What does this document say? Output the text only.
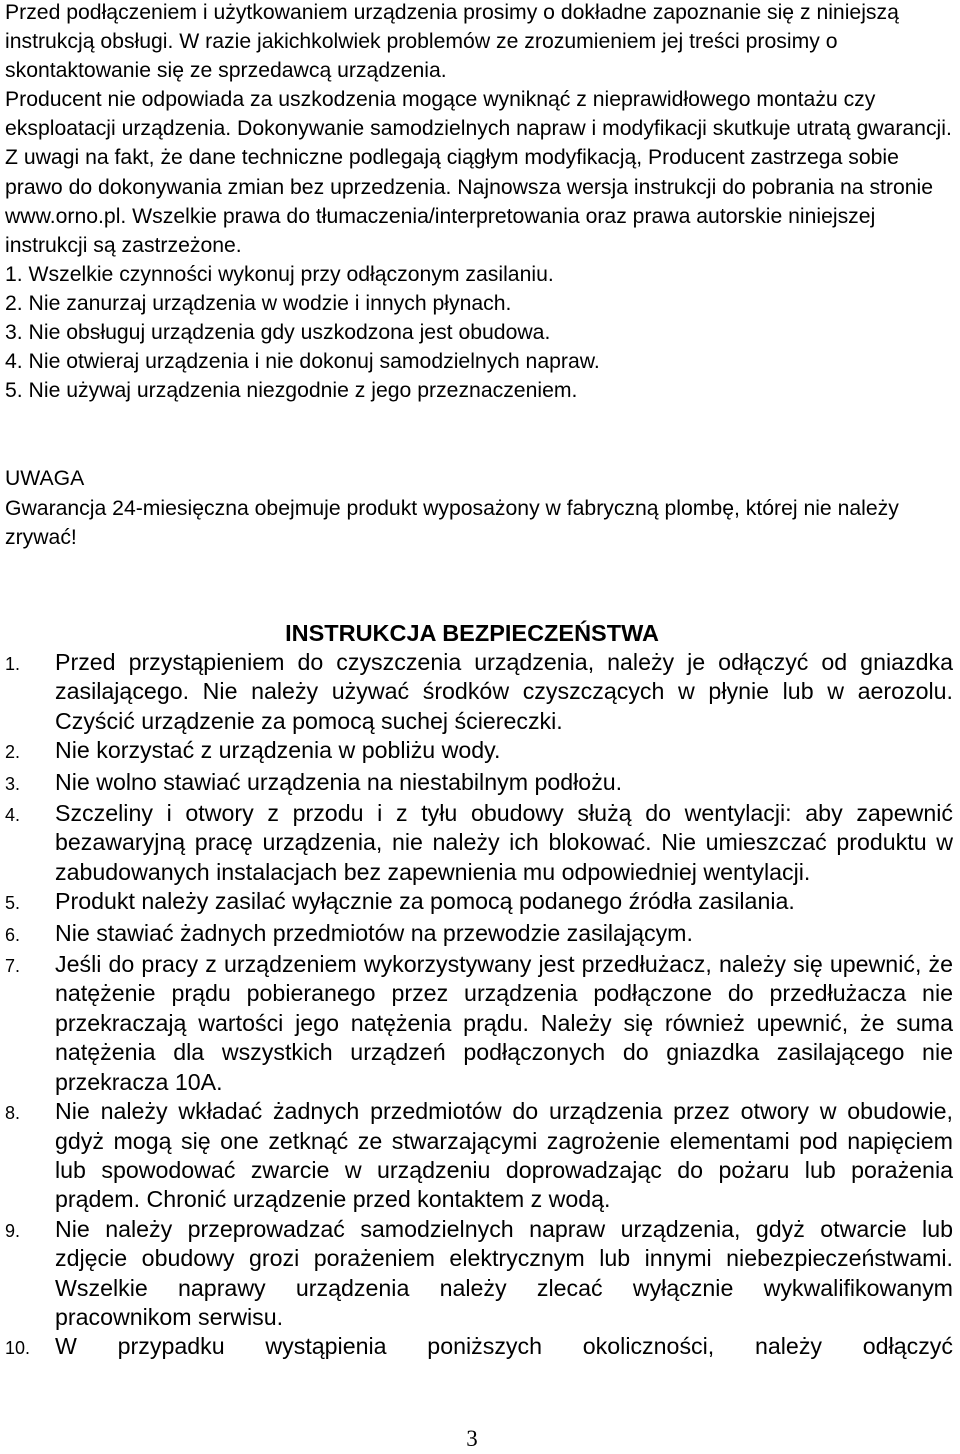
Przed podłączeniem i użytkowaniem urządzenia prosimy o dokładne zapoznanie się z niniejszą instrukcją obsługi. W razie jakichkolwiek problemów ze zrozumieniem jej treści prosimy o skontaktowanie się ze sprzedawcą urządzenia.

Producent nie odpowiada za uszkodzenia mogące wyniknąć z nieprawidłowego montażu czy eksploatacji urządzenia. Dokonywanie samodzielnych napraw i modyfikacji skutkuje utratą gwarancji.

Z uwagi na fakt, że dane techniczne podlegają ciągłym modyfikacją, Producent zastrzega sobie prawo do dokonywania zmian bez uprzedzenia. Najnowsza wersja instrukcji do pobrania na stronie www.orno.pl. Wszelkie prawa do tłumaczenia/interpretowania oraz prawa autorskie niniejszej instrukcji są zastrzeżone.

1. Wszelkie czynności wykonuj przy odłączonym zasilaniu.

2. Nie zanurzaj urządzenia w wodzie i innych płynach.

3. Nie obsługuj urządzenia gdy uszkodzona jest obudowa.

4. Nie otwieraj urządzenia i nie dokonuj samodzielnych napraw.

5. Nie używaj urządzenia niezgodnie z jego przeznaczeniem.

UWAGA

Gwarancja 24-miesięczna obejmuje produkt wyposażony w fabryczną plombę, której nie należy zrywać!

INSTRUKCJA BEZPIECZEŃSTWA
1.	Przed przystąpieniem do czyszczenia urządzenia, należy je odłączyć od gniazdka zasilającego. Nie należy używać środków czyszczących w płynie lub w aerozolu. Czyścić urządzenie za pomocą suchej ściereczki.
2.	Nie korzystać z urządzenia w pobliżu wody.
3.	Nie wolno stawiać urządzenia na niestabilnym podłożu.
4.	Szczeliny i otwory z przodu i z tyłu obudowy służą do wentylacji: aby zapewnić bezawaryjną pracę urządzenia, nie należy ich blokować. Nie umieszczać produktu w zabudowanych instalacjach bez zapewnienia mu odpowiedniej wentylacji.
5.	Produkt należy zasilać wyłącznie za pomocą podanego źródła zasilania.
6.	Nie stawiać żadnych przedmiotów na przewodzie zasilającym.
7.	Jeśli do pracy z urządzeniem wykorzystywany jest przedłużacz, należy się upewnić, że natężenie prądu pobieranego przez urządzenia podłączone do przedłużacza nie przekraczają wartości jego natężenia prądu. Należy się również upewnić, że suma natężenia dla wszystkich urządzeń podłączonych do gniazdka zasilającego nie przekracza 10A.
8.	Nie należy wkładać żadnych przedmiotów do urządzenia przez otwory w obudowie, gdyż mogą się one zetknąć ze stwarzającymi zagrożenie elementami pod napięciem lub spowodować zwarcie w urządzeniu doprowadzając do pożaru lub porażenia prądem. Chronić urządzenie przed kontaktem z wodą.
9.	Nie należy przeprowadzać samodzielnych napraw urządzenia, gdyż otwarcie lub zdjęcie obudowy grozi porażeniem elektrycznym lub innymi niebezpieczeństwami. Wszelkie naprawy urządzenia należy zlecać wyłącznie wykwalifikowanym pracownikom serwisu.
10.	W przypadku wystąpienia poniższych okoliczności, należy odłączyć
3
